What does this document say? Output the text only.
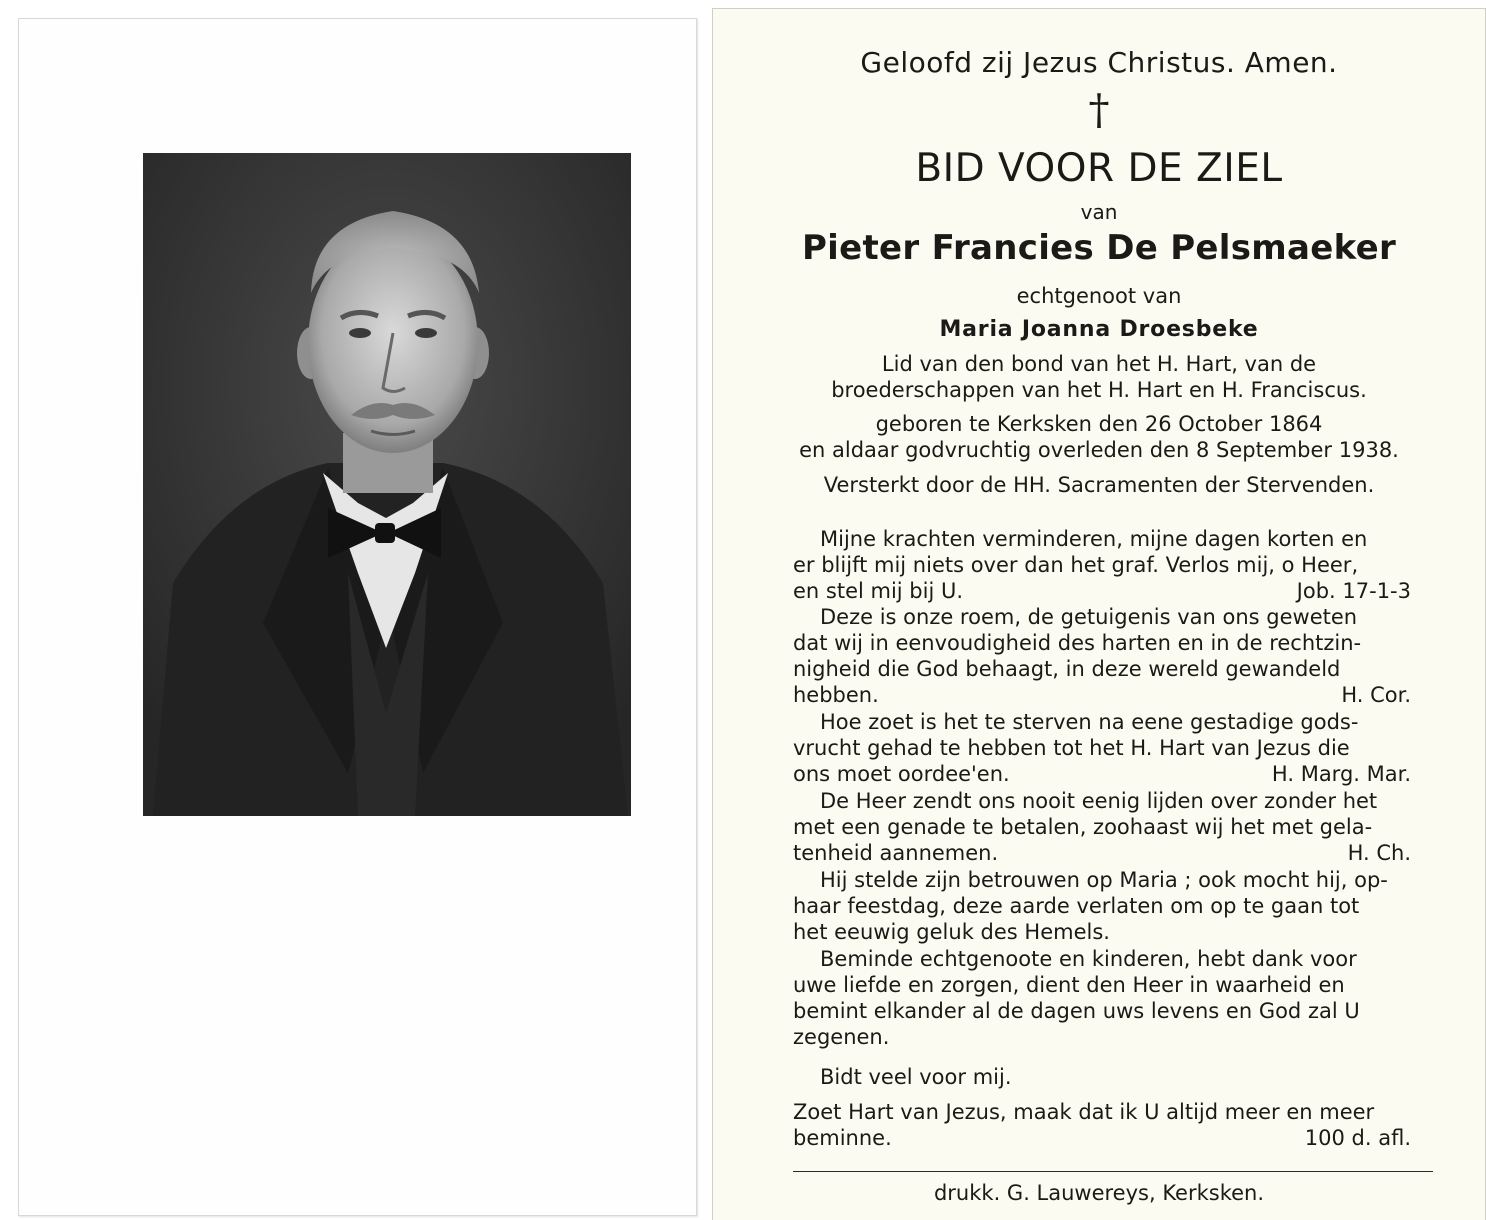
Geloofd zij Jezus Christus. Amen.
†
BID VOOR DE ZIEL
van
Pieter Francies De Pelsmaeker
echtgenoot van
Maria Joanna Droesbeke
Lid van den bond van het H. Hart, van de
broederschappen van het H. Hart en H. Franciscus.
geboren te Kerksken den 26 October 1864
en aldaar godvruchtig overleden den 8 September 1938.
Versterkt door de HH. Sacramenten der Stervenden.
Mijne krachten verminderen, mijne dagen korten en
er blijft mij niets over dan het graf. Verlos mij, o Heer,
en stel mij bij U.	Job. 17-1-3
Deze is onze roem, de getuigenis van ons geweten
dat wij in eenvoudigheid des harten en in de rechtzin-
nigheid die God behaagt, in deze wereld gewandeld
hebben.	H. Cor.
Hoe zoet is het te sterven na eene gestadige gods-
vrucht gehad te hebben tot het H. Hart van Jezus die
ons moet oordee'en.	H. Marg. Mar.
De Heer zendt ons nooit eenig lijden over zonder het
met een genade te betalen, zoohaast wij het met gela-
tenheid aannemen.	H. Ch.
Hij stelde zijn betrouwen op Maria ; ook mocht hij, op-
haar feestdag, deze aarde verlaten om op te gaan tot
het eeuwig geluk des Hemels.
Beminde echtgenoote en kinderen, hebt dank voor
uwe liefde en zorgen, dient den Heer in waarheid en
bemint elkander al de dagen uws levens en God zal U
zegenen.
Bidt veel voor mij.
Zoet Hart van Jezus, maak dat ik U altijd meer en meer
beminne.	100 d. afl.
drukk. G. Lauwereys, Kerksken.
